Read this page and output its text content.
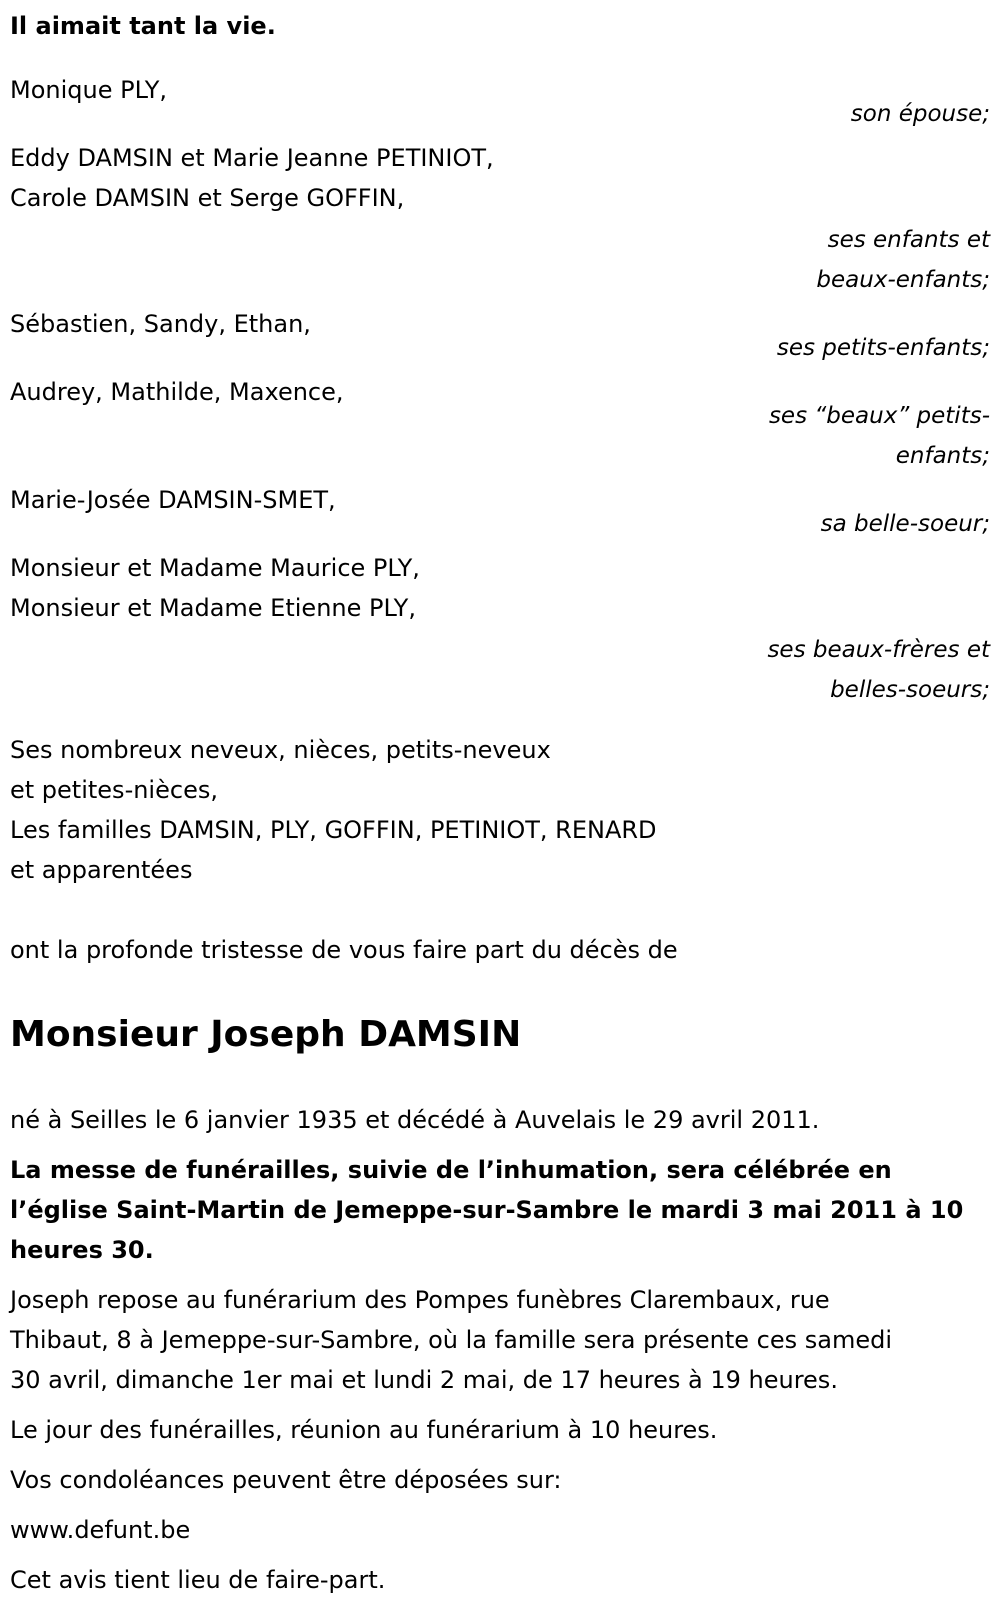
Il aimait tant la vie.
Monique PLY,
son épouse;
Eddy DAMSIN et Marie Jeanne PETINIOT,
Carole DAMSIN et Serge GOFFIN,
ses enfants et
beaux-enfants;
Sébastien, Sandy, Ethan,
ses petits-enfants;
Audrey, Mathilde, Maxence,
ses “beaux” petits-
enfants;
Marie-Josée DAMSIN-SMET,
sa belle-soeur;
Monsieur et Madame Maurice PLY,
Monsieur et Madame Etienne PLY,
ses beaux-frères et
belles-soeurs;
Ses nombreux neveux, nièces, petits-neveux
et petites-nièces,
Les familles DAMSIN, PLY, GOFFIN, PETINIOT, RENARD
et apparentées
ont la profonde tristesse de vous faire part du décès de
Monsieur Joseph DAMSIN
né à Seilles le 6 janvier 1935 et décédé à Auvelais le 29 avril 2011.
La messe de funérailles, suivie de l’inhumation, sera célébrée en
l’église Saint-Martin de Jemeppe-sur-Sambre le mardi 3 mai 2011 à 10
heures 30.
Joseph repose au funérarium des Pompes funèbres Clarembaux, rue
Thibaut, 8 à Jemeppe-sur-Sambre, où la famille sera présente ces samedi
30 avril, dimanche 1er mai et lundi 2 mai, de 17 heures à 19 heures.
Le jour des funérailles, réunion au funérarium à 10 heures.
Vos condoléances peuvent être déposées sur:
www.defunt.be
Cet avis tient lieu de faire-part.
